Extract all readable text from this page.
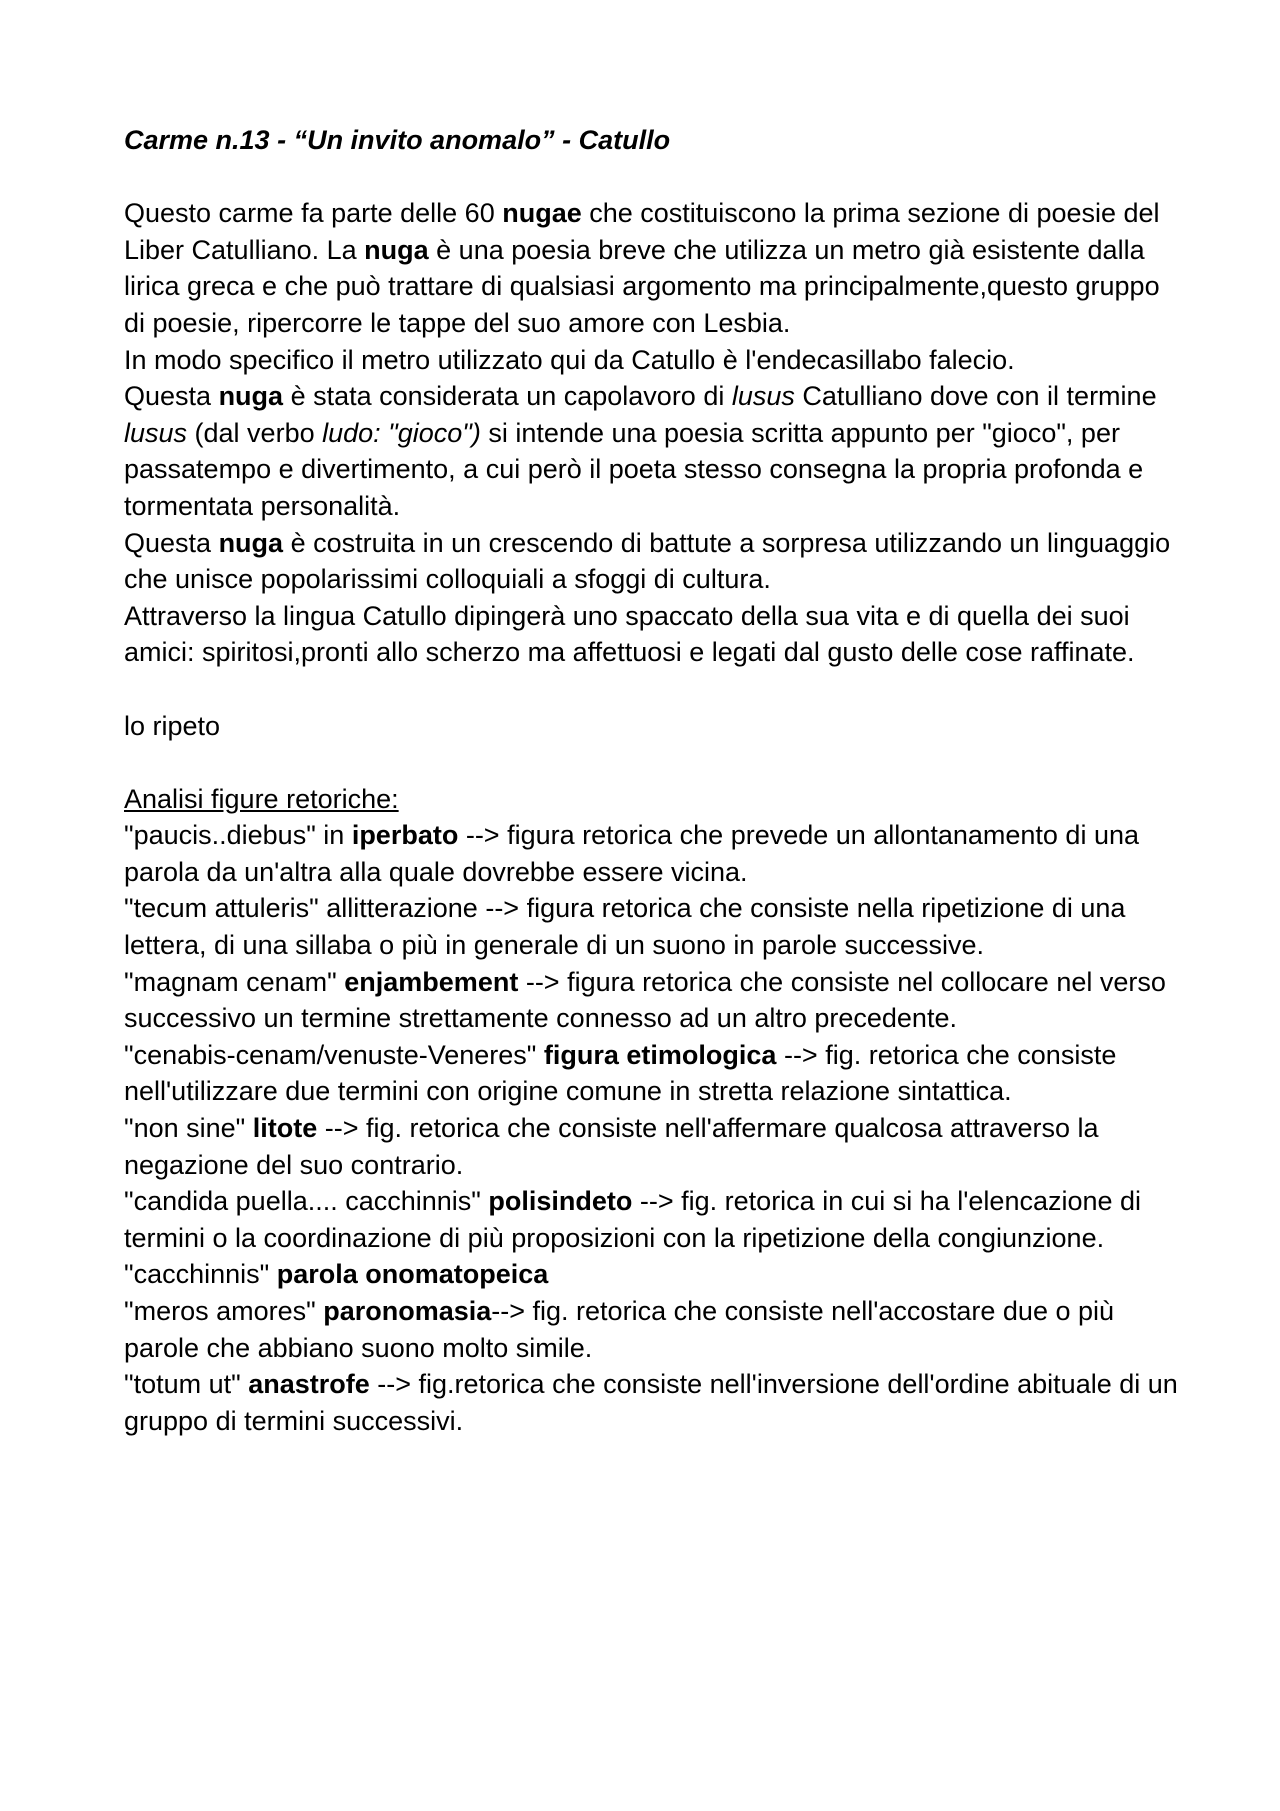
Carme n.13 - “Un invito anomalo” - Catullo

Questo carme fa parte delle 60 nugae che costituiscono la prima sezione di poesie del Liber Catulliano. La nuga è una poesia breve che utilizza un metro già esistente dalla lirica greca e che può trattare di qualsiasi argomento ma principalmente,questo gruppo di poesie, ripercorre le tappe del suo amore con Lesbia.

In modo specifico il metro utilizzato qui da Catullo è l'endecasillabo falecio.

Questa nuga è stata considerata un capolavoro di lusus Catulliano dove con il termine lusus (dal verbo ludo: "gioco") si intende una poesia scritta appunto per "gioco", per passatempo e divertimento, a cui però il poeta stesso consegna la propria profonda e tormentata personalità.

Questa nuga è costruita in un crescendo di battute a sorpresa utilizzando un linguaggio che unisce popolarissimi colloquiali a sfoggi di cultura.

Attraverso la lingua Catullo dipingerà uno spaccato della sua vita e di quella dei suoi amici: spiritosi,pronti allo scherzo ma affettuosi e legati dal gusto delle cose raffinate.

lo ripeto

Analisi figure retoriche:

"paucis..diebus" in iperbato --> figura retorica che prevede un allontanamento di una parola da un'altra alla quale dovrebbe essere vicina.

"tecum attuleris" allitterazione --> figura retorica che consiste nella ripetizione di una lettera, di una sillaba o più in generale di un suono in parole successive.

"magnam cenam" enjambement --> figura retorica che consiste nel collocare nel verso successivo un termine strettamente connesso ad un altro precedente.

"cenabis-cenam/venuste-Veneres" figura etimologica --> fig. retorica che consiste nell'utilizzare due termini con origine comune in stretta relazione sintattica.

"non sine" litote --> fig. retorica che consiste nell'affermare qualcosa attraverso la negazione del suo contrario.

"candida puella.... cacchinnis" polisindeto --> fig. retorica in cui si ha l'elencazione di termini o la coordinazione di più proposizioni con la ripetizione della congiunzione.

"cacchinnis" parola onomatopeica

"meros amores" paronomasia--> fig. retorica che consiste nell'accostare due o più parole che abbiano suono molto simile.

"totum ut" anastrofe --> fig.retorica che consiste nell'inversione dell'ordine abituale di un gruppo di termini successivi.
